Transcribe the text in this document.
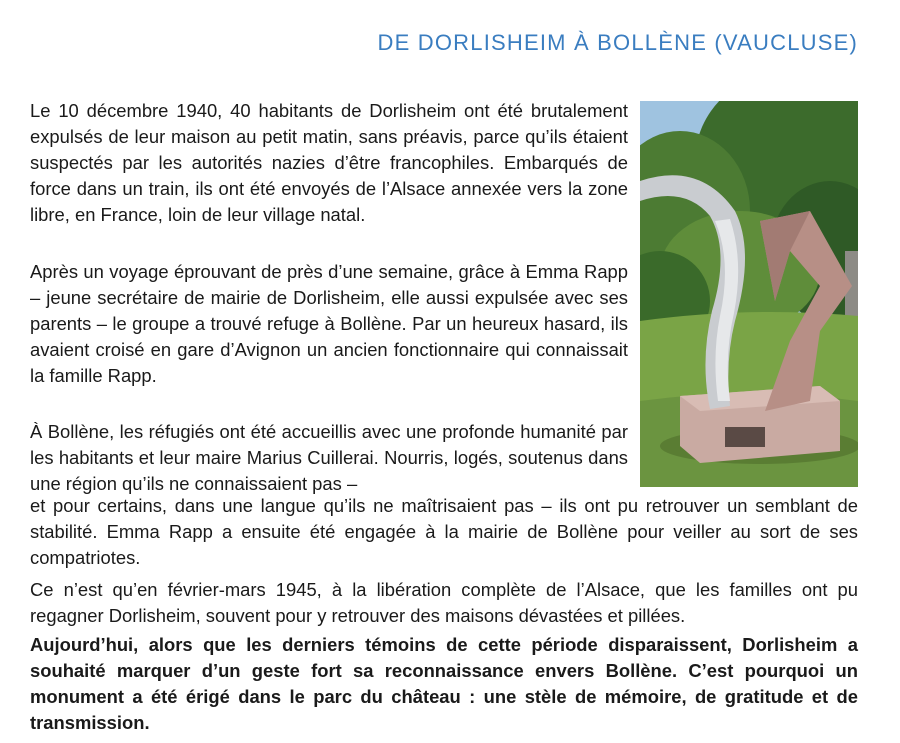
DE DORLISHEIM À BOLLÈNE (VAUCLUSE)

Le 10 décembre 1940, 40 habitants de Dorlisheim ont été brutalement expulsés de leur maison au petit matin, sans préavis, parce qu’ils étaient suspectés par les autorités nazies d’être francophiles. Embarqués de force dans un train, ils ont été envoyés de l’Alsace annexée vers la zone libre, en France, loin de leur village natal.

Après un voyage éprouvant de près d’une semaine, grâce à Emma Rapp – jeune secrétaire de mairie de Dorlisheim, elle aussi expulsée avec ses parents – le groupe a trouvé refuge à Bollène. Par un heureux hasard, ils avaient croisé en gare d’Avignon un ancien fonctionnaire qui connaissait la famille Rapp.

À Bollène, les réfugiés ont été accueillis avec une profonde humanité par les habitants et leur maire Marius Cuillerai. Nourris, logés, soutenus dans une région qu’ils ne connaissaient pas –

et pour certains, dans une langue qu’ils ne maîtrisaient pas – ils ont pu retrouver un semblant de stabilité. Emma Rapp a ensuite été engagée à la mairie de Bollène pour veiller au sort de ses compatriotes.

Ce n’est qu’en février-mars 1945, à la libération complète de l’Alsace, que les familles ont pu regagner Dorlisheim, souvent pour y retrouver des maisons dévastées et pillées.

Aujourd’hui, alors que les derniers témoins de cette période disparaissent, Dorlisheim a souhaité marquer d’un geste fort sa reconnaissance envers Bollène. C’est pourquoi un monument a été érigé dans le parc du château : une stèle de mémoire, de gratitude et de transmission.
